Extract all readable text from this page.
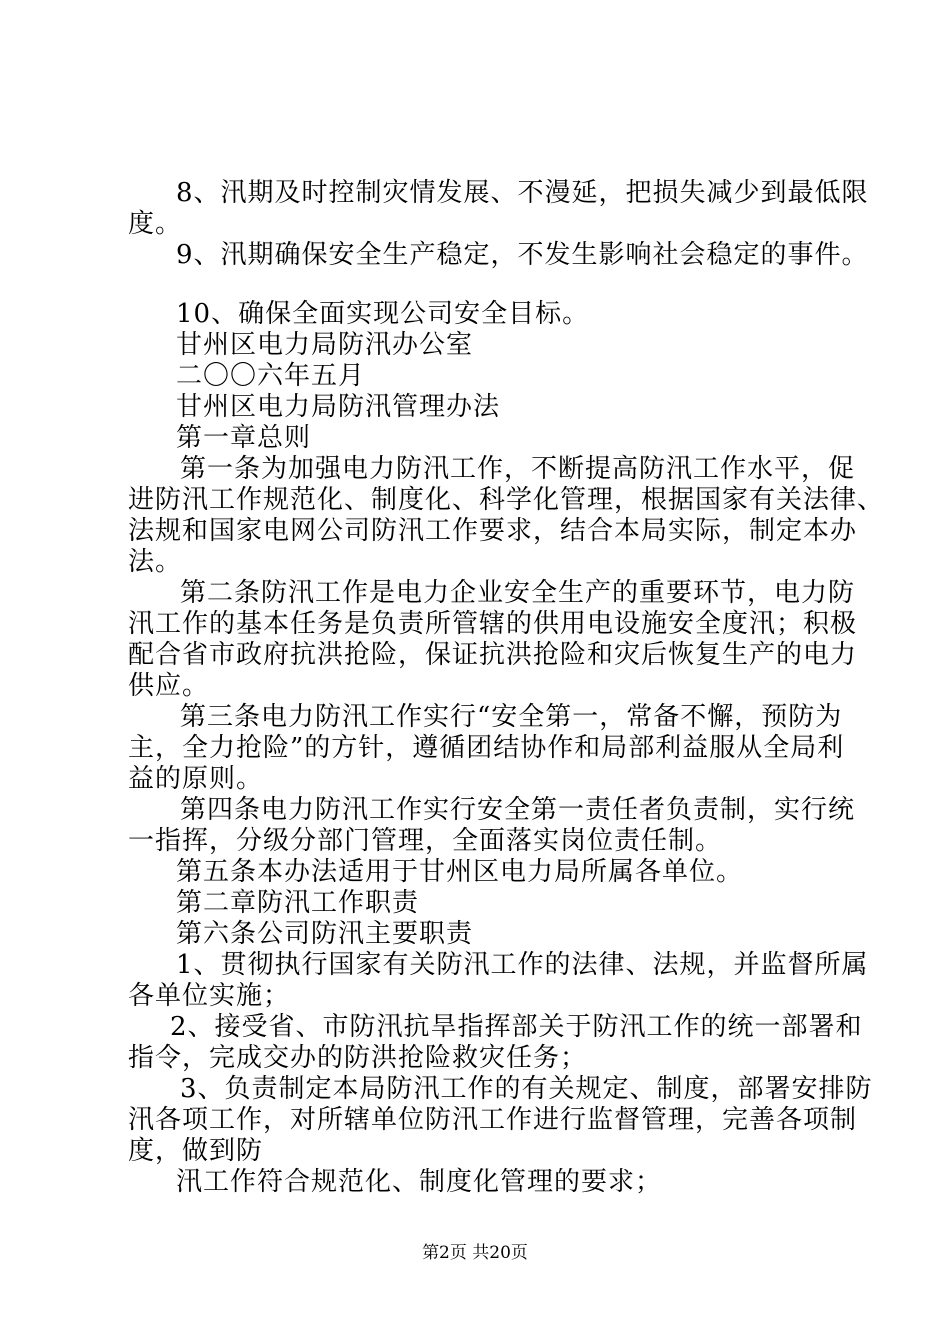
8、汛期及时控制灾情发展、不漫延，把损失减少到最低限
度。
9、汛期确保安全生产稳定，不发生影响社会稳定的事件。
10、确保全面实现公司安全目标。
甘州区电力局防汛办公室
二〇〇六年五月
甘州区电力局防汛管理办法
第一章总则
第一条为加强电力防汛工作，不断提高防汛工作水平，促
进防汛工作规范化、制度化、科学化管理，根据国家有关法律、
法规和国家电网公司防汛工作要求，结合本局实际，制定本办
法。
第二条防汛工作是电力企业安全生产的重要环节，电力防
汛工作的基本任务是负责所管辖的供用电设施安全度汛；积极
配合省市政府抗洪抢险，保证抗洪抢险和灾后恢复生产的电力
供应。
第三条电力防汛工作实行“安全第一，常备不懈，预防为
主，全力抢险”的方针，遵循团结协作和局部利益服从全局利
益的原则。
第四条电力防汛工作实行安全第一责任者负责制，实行统
一指挥，分级分部门管理，全面落实岗位责任制。
第五条本办法适用于甘州区电力局所属各单位。
第二章防汛工作职责
第六条公司防汛主要职责
1、贯彻执行国家有关防汛工作的法律、法规，并监督所属
各单位实施；
2、接受省、市防汛抗旱指挥部关于防汛工作的统一部署和
指令，完成交办的防洪抢险救灾任务；
3、负责制定本局防汛工作的有关规定、制度，部署安排防
汛各项工作，对所辖单位防汛工作进行监督管理，完善各项制
度，做到防
汛工作符合规范化、制度化管理的要求；
第2页 共20页
